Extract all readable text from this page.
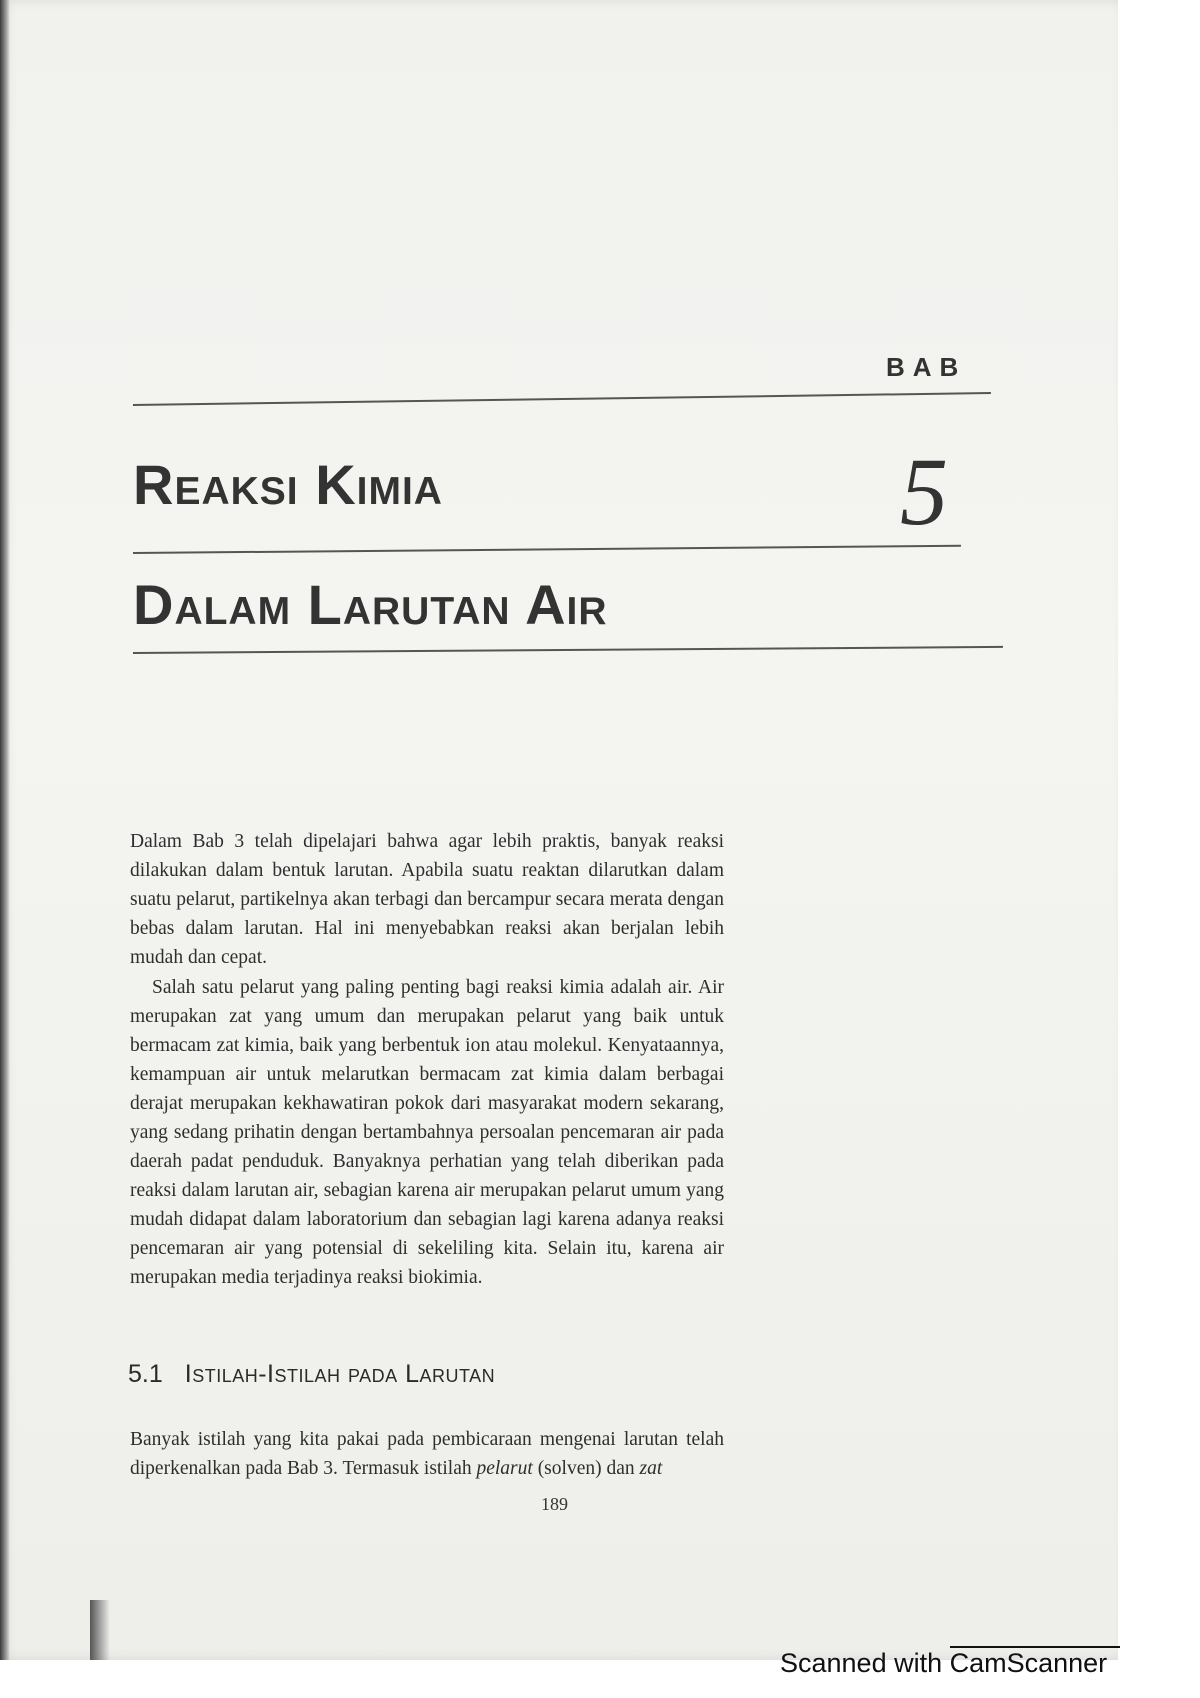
BAB
Reaksi Kimia	5
Dalam Larutan Air

Dalam Bab 3 telah dipelajari bahwa agar lebih praktis, banyak reaksi dilakukan dalam bentuk larutan. Apabila suatu reaktan dilarutkan dalam suatu pelarut, partikelnya akan terbagi dan bercampur secara merata dengan bebas dalam larutan. Hal ini menyebabkan reaksi akan berjalan lebih mudah dan cepat.

Salah satu pelarut yang paling penting bagi reaksi kimia adalah air. Air merupakan zat yang umum dan merupakan pelarut yang baik untuk bermacam zat kimia, baik yang berbentuk ion atau molekul. Kenyataannya, kemampuan air untuk melarutkan bermacam zat kimia dalam berbagai derajat merupakan kekhawatiran pokok dari masyarakat modern sekarang, yang sedang prihatin dengan bertambahnya persoalan pencemaran air pada daerah padat penduduk. Banyaknya perhatian yang telah diberikan pada reaksi dalam larutan air, sebagian karena air merupakan pelarut umum yang mudah didapat dalam laboratorium dan sebagian lagi karena adanya reaksi pencemaran air yang potensial di sekeliling kita. Selain itu, karena air merupakan media terjadinya reaksi biokimia.

5.1 Istilah-Istilah pada Larutan

Banyak istilah yang kita pakai pada pembicaraan mengenai larutan telah diperkenalkan pada Bab 3. Termasuk istilah pelarut (solven) dan zat

189
Scanned with CamScanner
